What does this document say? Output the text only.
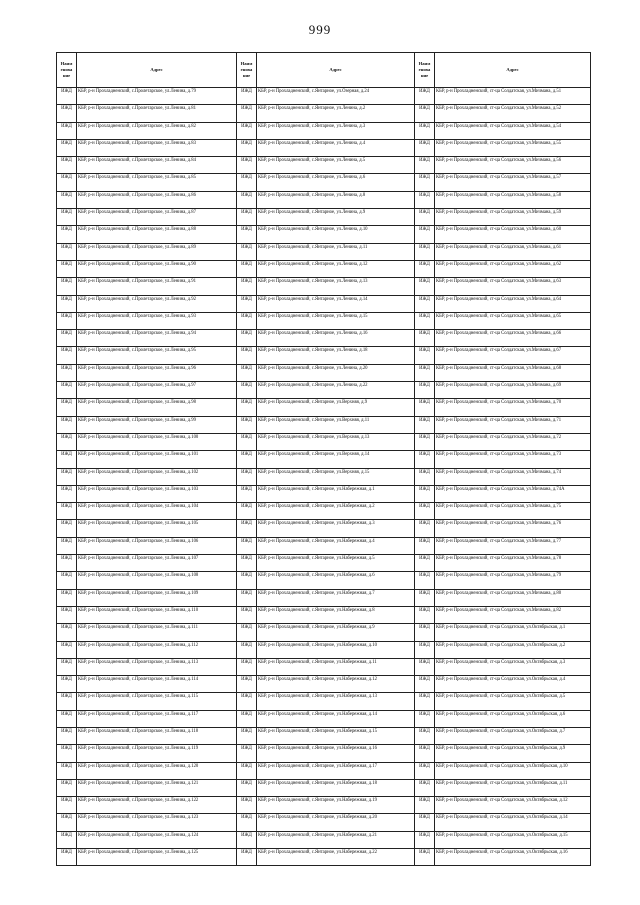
999
Наим енова ние	Адрес	Наим енова ние	Адрес	Наим енова ние	Адрес
ИЖД	КБР, р-н Прохладненский, с.Пролетарское, ул.Ленина, д.79	ИЖД	КБР, р-н Прохладненский, с.Янтарное, ул.Озерная, д.24	ИЖД	КБР, р-н Прохладненский, ст-ца Солдатская, ул.Мичмана, д.51
ИЖД	КБР, р-н Прохладненский, с.Пролетарское, ул.Ленина, д.81	ИЖД	КБР, р-н Прохладненский, с.Янтарное, ул.Ленина, д.2	ИЖД	КБР, р-н Прохладненский, ст-ца Солдатская, ул.Мичмана, д.52
ИЖД	КБР, р-н Прохладненский, с.Пролетарское, ул.Ленина, д.82	ИЖД	КБР, р-н Прохладненский, с.Янтарное, ул.Ленина, д.3	ИЖД	КБР, р-н Прохладненский, ст-ца Солдатская, ул.Мичмана, д.54
ИЖД	КБР, р-н Прохладненский, с.Пролетарское, ул.Ленина, д.83	ИЖД	КБР, р-н Прохладненский, с.Янтарное, ул.Ленина, д.4	ИЖД	КБР, р-н Прохладненский, ст-ца Солдатская, ул.Мичмана, д.55
ИЖД	КБР, р-н Прохладненский, с.Пролетарское, ул.Ленина, д.84	ИЖД	КБР, р-н Прохладненский, с.Янтарное, ул.Ленина, д.5	ИЖД	КБР, р-н Прохладненский, ст-ца Солдатская, ул.Мичмана, д.56
ИЖД	КБР, р-н Прохладненский, с.Пролетарское, ул.Ленина, д.85	ИЖД	КБР, р-н Прохладненский, с.Янтарное, ул.Ленина, д.6	ИЖД	КБР, р-н Прохладненский, ст-ца Солдатская, ул.Мичмана, д.57
ИЖД	КБР, р-н Прохладненский, с.Пролетарское, ул.Ленина, д.86	ИЖД	КБР, р-н Прохладненский, с.Янтарное, ул.Ленина, д.8	ИЖД	КБР, р-н Прохладненский, ст-ца Солдатская, ул.Мичмана, д.58
ИЖД	КБР, р-н Прохладненский, с.Пролетарское, ул.Ленина, д.87	ИЖД	КБР, р-н Прохладненский, с.Янтарное, ул.Ленина, д.9	ИЖД	КБР, р-н Прохладненский, ст-ца Солдатская, ул.Мичмана, д.59
ИЖД	КБР, р-н Прохладненский, с.Пролетарское, ул.Ленина, д.88	ИЖД	КБР, р-н Прохладненский, с.Янтарное, ул.Ленина, д.10	ИЖД	КБР, р-н Прохладненский, ст-ца Солдатская, ул.Мичмана, д.60
ИЖД	КБР, р-н Прохладненский, с.Пролетарское, ул.Ленина, д.89	ИЖД	КБР, р-н Прохладненский, с.Янтарное, ул.Ленина, д.11	ИЖД	КБР, р-н Прохладненский, ст-ца Солдатская, ул.Мичмана, д.61
ИЖД	КБР, р-н Прохладненский, с.Пролетарское, ул.Ленина, д.90	ИЖД	КБР, р-н Прохладненский, с.Янтарное, ул.Ленина, д.12	ИЖД	КБР, р-н Прохладненский, ст-ца Солдатская, ул.Мичмана, д.62
ИЖД	КБР, р-н Прохладненский, с.Пролетарское, ул.Ленина, д.91	ИЖД	КБР, р-н Прохладненский, с.Янтарное, ул.Ленина, д.13	ИЖД	КБР, р-н Прохладненский, ст-ца Солдатская, ул.Мичмана, д.63
ИЖД	КБР, р-н Прохладненский, с.Пролетарское, ул.Ленина, д.92	ИЖД	КБР, р-н Прохладненский, с.Янтарное, ул.Ленина, д.14	ИЖД	КБР, р-н Прохладненский, ст-ца Солдатская, ул.Мичмана, д.64
ИЖД	КБР, р-н Прохладненский, с.Пролетарское, ул.Ленина, д.93	ИЖД	КБР, р-н Прохладненский, с.Янтарное, ул.Ленина, д.15	ИЖД	КБР, р-н Прохладненский, ст-ца Солдатская, ул.Мичмана, д.65
ИЖД	КБР, р-н Прохладненский, с.Пролетарское, ул.Ленина, д.94	ИЖД	КБР, р-н Прохладненский, с.Янтарное, ул.Ленина, д.16	ИЖД	КБР, р-н Прохладненский, ст-ца Солдатская, ул.Мичмана, д.66
ИЖД	КБР, р-н Прохладненский, с.Пролетарское, ул.Ленина, д.95	ИЖД	КБР, р-н Прохладненский, с.Янтарное, ул.Ленина, д.18	ИЖД	КБР, р-н Прохладненский, ст-ца Солдатская, ул.Мичмана, д.67
ИЖД	КБР, р-н Прохладненский, с.Пролетарское, ул.Ленина, д.96	ИЖД	КБР, р-н Прохладненский, с.Янтарное, ул.Ленина, д.20	ИЖД	КБР, р-н Прохладненский, ст-ца Солдатская, ул.Мичмана, д.68
ИЖД	КБР, р-н Прохладненский, с.Пролетарское, ул.Ленина, д.97	ИЖД	КБР, р-н Прохладненский, с.Янтарное, ул.Ленина, д.22	ИЖД	КБР, р-н Прохладненский, ст-ца Солдатская, ул.Мичмана, д.69
ИЖД	КБР, р-н Прохладненский, с.Пролетарское, ул.Ленина, д.98	ИЖД	КБР, р-н Прохладненский, с.Янтарное, ул.Верхняя, д.9	ИЖД	КБР, р-н Прохладненский, ст-ца Солдатская, ул.Мичмана, д.70
ИЖД	КБР, р-н Прохладненский, с.Пролетарское, ул.Ленина, д.99	ИЖД	КБР, р-н Прохладненский, с.Янтарное, ул.Верхняя, д.11	ИЖД	КБР, р-н Прохладненский, ст-ца Солдатская, ул.Мичмана, д.71
ИЖД	КБР, р-н Прохладненский, с.Пролетарское, ул.Ленина, д.100	ИЖД	КБР, р-н Прохладненский, с.Янтарное, ул.Верхняя, д.13	ИЖД	КБР, р-н Прохладненский, ст-ца Солдатская, ул.Мичмана, д.72
ИЖД	КБР, р-н Прохладненский, с.Пролетарское, ул.Ленина, д.101	ИЖД	КБР, р-н Прохладненский, с.Янтарное, ул.Верхняя, д.14	ИЖД	КБР, р-н Прохладненский, ст-ца Солдатская, ул.Мичмана, д.73
ИЖД	КБР, р-н Прохладненский, с.Пролетарское, ул.Ленина, д.102	ИЖД	КБР, р-н Прохладненский, с.Янтарное, ул.Верхняя, д.15	ИЖД	КБР, р-н Прохладненский, ст-ца Солдатская, ул.Мичмана, д.74
ИЖД	КБР, р-н Прохладненский, с.Пролетарское, ул.Ленина, д.103	ИЖД	КБР, р-н Прохладненский, с.Янтарное, ул.Набережная, д.1	ИЖД	КБР, р-н Прохладненский, ст-ца Солдатская, ул.Мичмана, д.74А
ИЖД	КБР, р-н Прохладненский, с.Пролетарское, ул.Ленина, д.104	ИЖД	КБР, р-н Прохладненский, с.Янтарное, ул.Набережная, д.2	ИЖД	КБР, р-н Прохладненский, ст-ца Солдатская, ул.Мичмана, д.75
ИЖД	КБР, р-н Прохладненский, с.Пролетарское, ул.Ленина, д.105	ИЖД	КБР, р-н Прохладненский, с.Янтарное, ул.Набережная, д.3	ИЖД	КБР, р-н Прохладненский, ст-ца Солдатская, ул.Мичмана, д.76
ИЖД	КБР, р-н Прохладненский, с.Пролетарское, ул.Ленина, д.106	ИЖД	КБР, р-н Прохладненский, с.Янтарное, ул.Набережная, д.4	ИЖД	КБР, р-н Прохладненский, ст-ца Солдатская, ул.Мичмана, д.77
ИЖД	КБР, р-н Прохладненский, с.Пролетарское, ул.Ленина, д.107	ИЖД	КБР, р-н Прохладненский, с.Янтарное, ул.Набережная, д.5	ИЖД	КБР, р-н Прохладненский, ст-ца Солдатская, ул.Мичмана, д.78
ИЖД	КБР, р-н Прохладненский, с.Пролетарское, ул.Ленина, д.108	ИЖД	КБР, р-н Прохладненский, с.Янтарное, ул.Набережная, д.6	ИЖД	КБР, р-н Прохладненский, ст-ца Солдатская, ул.Мичмана, д.79
ИЖД	КБР, р-н Прохладненский, с.Пролетарское, ул.Ленина, д.109	ИЖД	КБР, р-н Прохладненский, с.Янтарное, ул.Набережная, д.7	ИЖД	КБР, р-н Прохладненский, ст-ца Солдатская, ул.Мичмана, д.80
ИЖД	КБР, р-н Прохладненский, с.Пролетарское, ул.Ленина, д.110	ИЖД	КБР, р-н Прохладненский, с.Янтарное, ул.Набережная, д.8	ИЖД	КБР, р-н Прохладненский, ст-ца Солдатская, ул.Мичмана, д.82
ИЖД	КБР, р-н Прохладненский, с.Пролетарское, ул.Ленина, д.111	ИЖД	КБР, р-н Прохладненский, с.Янтарное, ул.Набережная, д.9	ИЖД	КБР, р-н Прохладненский, ст-ца Солдатская, ул.Октябрьская, д.1
ИЖД	КБР, р-н Прохладненский, с.Пролетарское, ул.Ленина, д.112	ИЖД	КБР, р-н Прохладненский, с.Янтарное, ул.Набережная, д.10	ИЖД	КБР, р-н Прохладненский, ст-ца Солдатская, ул.Октябрьская, д.2
ИЖД	КБР, р-н Прохладненский, с.Пролетарское, ул.Ленина, д.113	ИЖД	КБР, р-н Прохладненский, с.Янтарное, ул.Набережная, д.11	ИЖД	КБР, р-н Прохладненский, ст-ца Солдатская, ул.Октябрьская, д.3
ИЖД	КБР, р-н Прохладненский, с.Пролетарское, ул.Ленина, д.114	ИЖД	КБР, р-н Прохладненский, с.Янтарное, ул.Набережная, д.12	ИЖД	КБР, р-н Прохладненский, ст-ца Солдатская, ул.Октябрьская, д.4
ИЖД	КБР, р-н Прохладненский, с.Пролетарское, ул.Ленина, д.115	ИЖД	КБР, р-н Прохладненский, с.Янтарное, ул.Набережная, д.13	ИЖД	КБР, р-н Прохладненский, ст-ца Солдатская, ул.Октябрьская, д.5
ИЖД	КБР, р-н Прохладненский, с.Пролетарское, ул.Ленина, д.117	ИЖД	КБР, р-н Прохладненский, с.Янтарное, ул.Набережная, д.14	ИЖД	КБР, р-н Прохладненский, ст-ца Солдатская, ул.Октябрьская, д.6
ИЖД	КБР, р-н Прохладненский, с.Пролетарское, ул.Ленина, д.118	ИЖД	КБР, р-н Прохладненский, с.Янтарное, ул.Набережная, д.15	ИЖД	КБР, р-н Прохладненский, ст-ца Солдатская, ул.Октябрьская, д.7
ИЖД	КБР, р-н Прохладненский, с.Пролетарское, ул.Ленина, д.119	ИЖД	КБР, р-н Прохладненский, с.Янтарное, ул.Набережная, д.16	ИЖД	КБР, р-н Прохладненский, ст-ца Солдатская, ул.Октябрьская, д.9
ИЖД	КБР, р-н Прохладненский, с.Пролетарское, ул.Ленина, д.120	ИЖД	КБР, р-н Прохладненский, с.Янтарное, ул.Набережная, д.17	ИЖД	КБР, р-н Прохладненский, ст-ца Солдатская, ул.Октябрьская, д.10
ИЖД	КБР, р-н Прохладненский, с.Пролетарское, ул.Ленина, д.121	ИЖД	КБР, р-н Прохладненский, с.Янтарное, ул.Набережная, д.18	ИЖД	КБР, р-н Прохладненский, ст-ца Солдатская, ул.Октябрьская, д.11
ИЖД	КБР, р-н Прохладненский, с.Пролетарское, ул.Ленина, д.122	ИЖД	КБР, р-н Прохладненский, с.Янтарное, ул.Набережная, д.19	ИЖД	КБР, р-н Прохладненский, ст-ца Солдатская, ул.Октябрьская, д.12
ИЖД	КБР, р-н Прохладненский, с.Пролетарское, ул.Ленина, д.123	ИЖД	КБР, р-н Прохладненский, с.Янтарное, ул.Набережная, д.20	ИЖД	КБР, р-н Прохладненский, ст-ца Солдатская, ул.Октябрьская, д.14
ИЖД	КБР, р-н Прохладненский, с.Пролетарское, ул.Ленина, д.124	ИЖД	КБР, р-н Прохладненский, с.Янтарное, ул.Набережная, д.21	ИЖД	КБР, р-н Прохладненский, ст-ца Солдатская, ул.Октябрьская, д.15
ИЖД	КБР, р-н Прохладненский, с.Пролетарское, ул.Ленина, д.125	ИЖД	КБР, р-н Прохладненский, с.Янтарное, ул.Набережная, д.22	ИЖД	КБР, р-н Прохладненский, ст-ца Солдатская, ул.Октябрьская, д.16
